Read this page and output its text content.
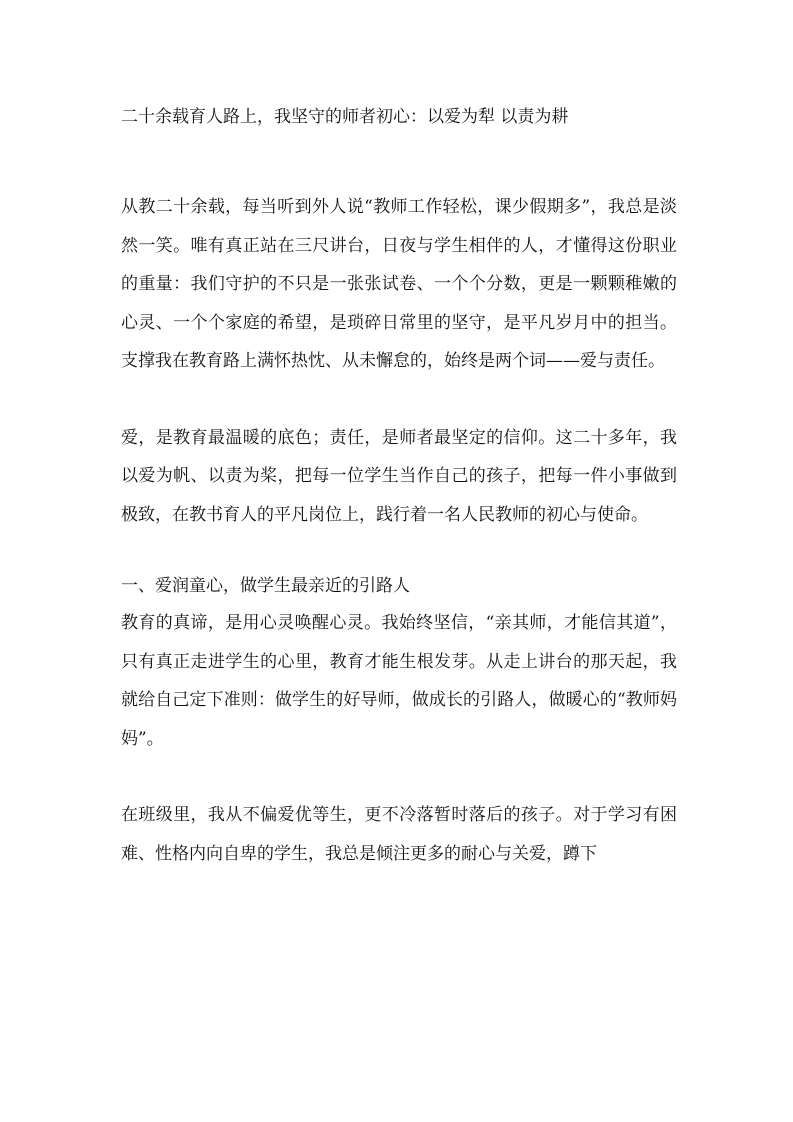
二十余载育人路上，我坚守的师者初心：以爱为犁 以责为耕

从教二十余载，每当听到外人说“教师工作轻松，课少假期多”，我总是淡然一笑。唯有真正站在三尺讲台，日夜与学生相伴的人，才懂得这份职业的重量：我们守护的不只是一张张试卷、一个个分数，更是一颗颗稚嫩的心灵、一个个家庭的希望，是琐碎日常里的坚守，是平凡岁月中的担当。支撑我在教育路上满怀热忱、从未懈怠的，始终是两个词——爱与责任。

爱，是教育最温暖的底色；责任，是师者最坚定的信仰。这二十多年，我以爱为帆、以责为桨，把每一位学生当作自己的孩子，把每一件小事做到极致，在教书育人的平凡岗位上，践行着一名人民教师的初心与使命。

一、爱润童心，做学生最亲近的引路人

教育的真谛，是用心灵唤醒心灵。我始终坚信，“亲其师，才能信其道”，只有真正走进学生的心里，教育才能生根发芽。从走上讲台的那天起，我就给自己定下准则：做学生的好导师，做成长的引路人，做暖心的“教师妈妈”。

在班级里，我从不偏爱优等生，更不冷落暂时落后的孩子。对于学习有困难、性格内向自卑的学生，我总是倾注更多的耐心与关爱，蹲下
